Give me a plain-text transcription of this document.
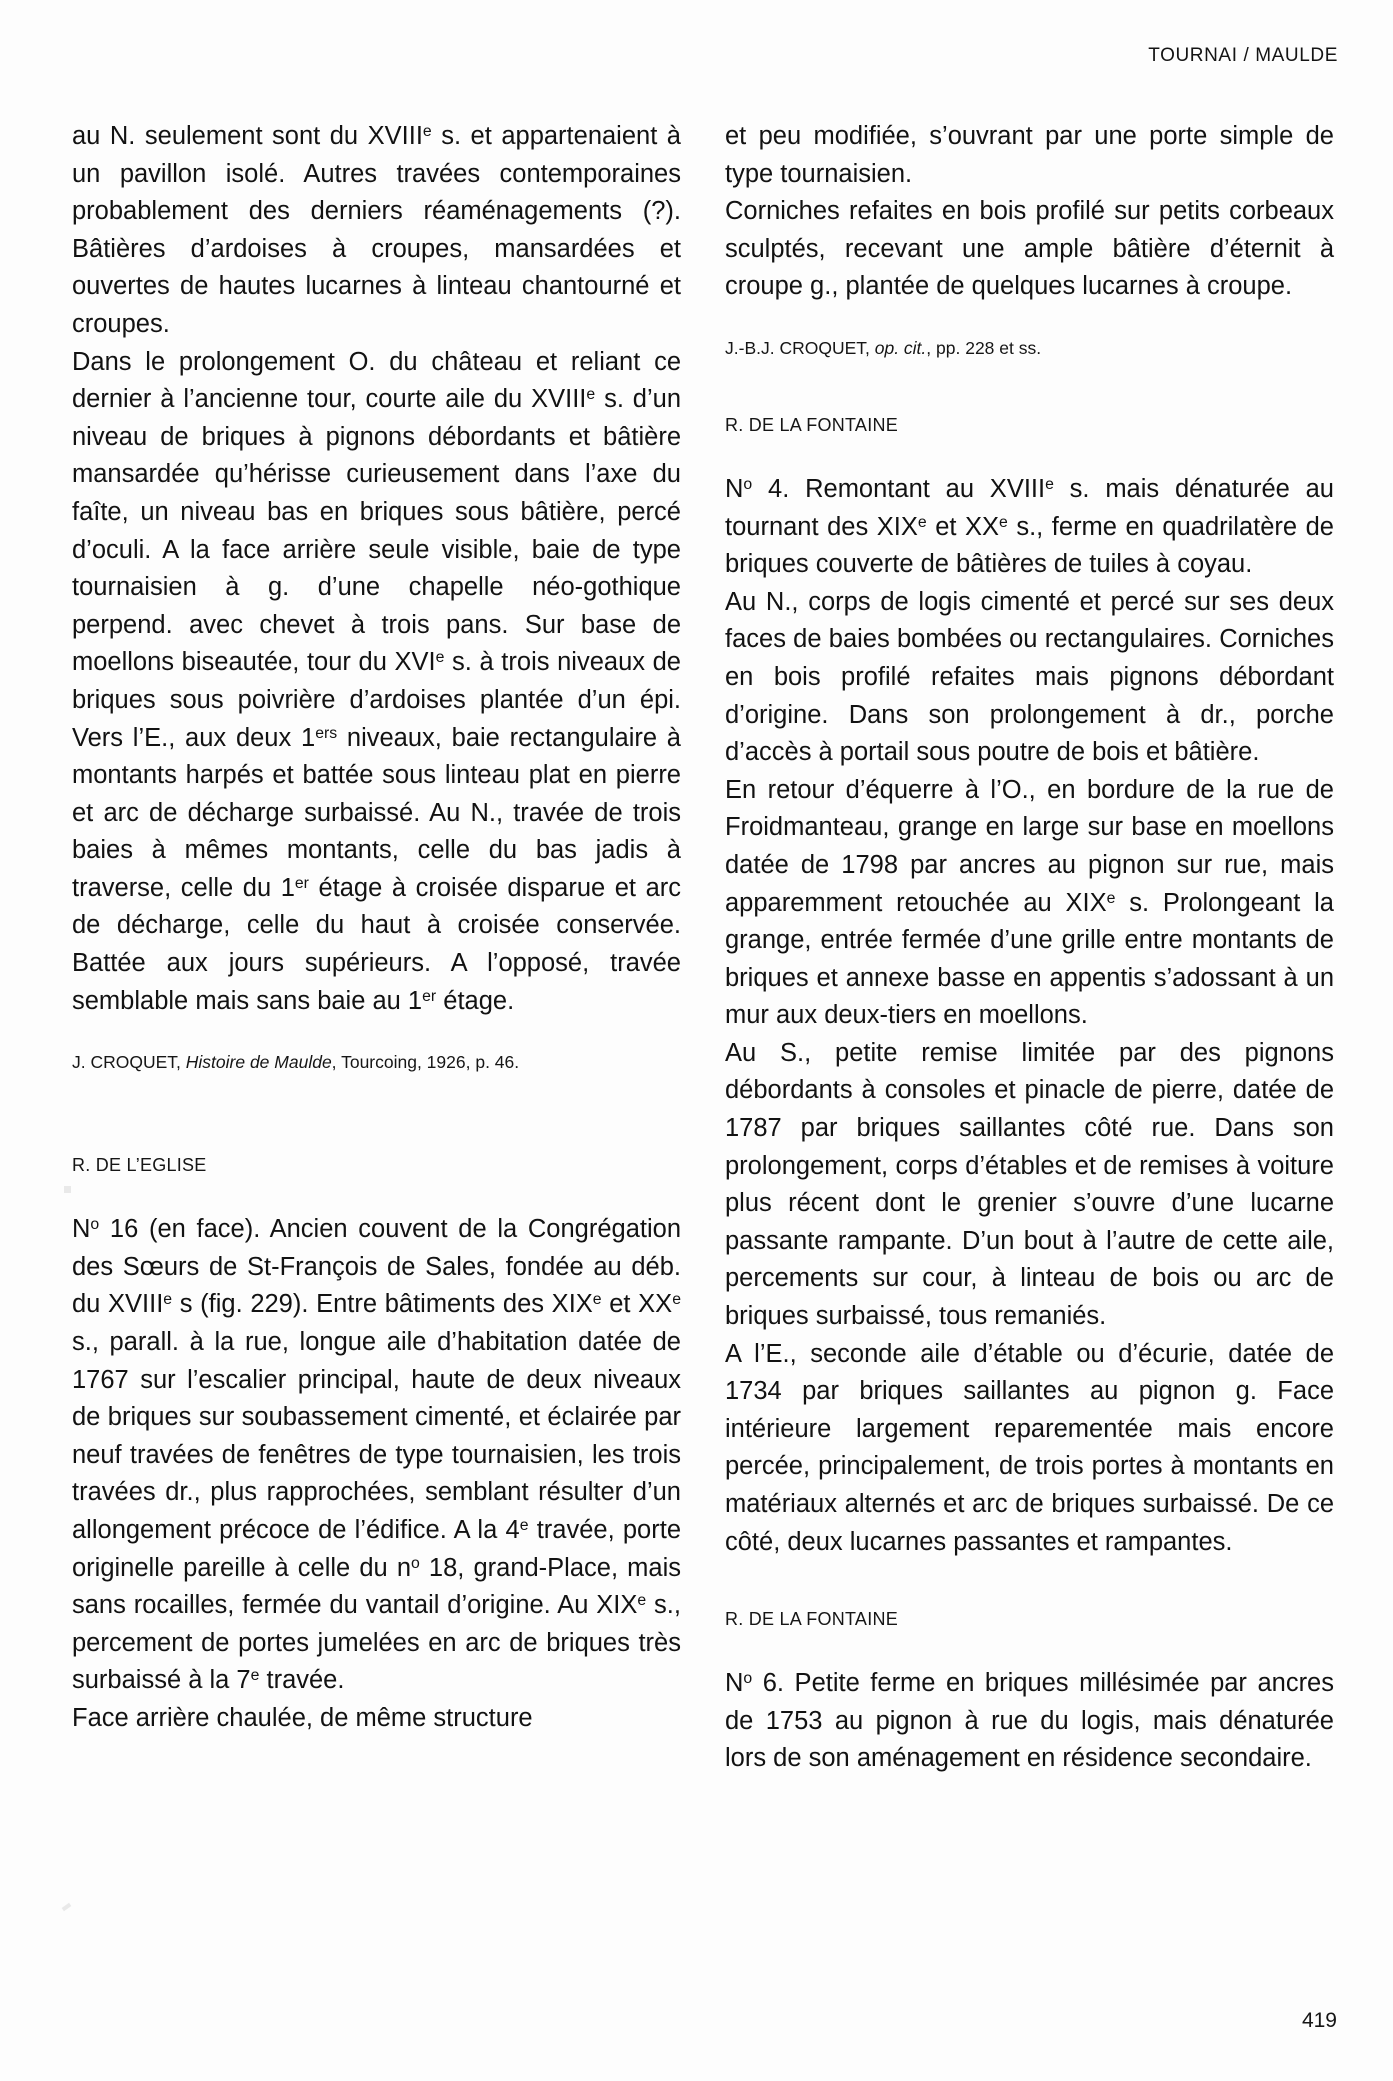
TOURNAI / MAULDE

au N. seulement sont du XVIIIe s. et appartenaient à un pavillon isolé. Autres travées contemporaines probablement des derniers réaménagements (?). Bâtières d’ardoises à croupes, mansardées et ouvertes de hautes lucarnes à linteau chantourné et croupes.

Dans le prolongement O. du château et reliant ce dernier à l’ancienne tour, courte aile du XVIIIe s. d’un niveau de briques à pignons débordants et bâtière mansardée qu’hérisse curieusement dans l’axe du faîte, un niveau bas en briques sous bâtière, percé d’oculi. A la face arrière seule visible, baie de type tournaisien à g. d’une chapelle néo-gothique perpend. avec chevet à trois pans. Sur base de moellons biseautée, tour du XVIe s. à trois niveaux de briques sous poivrière d’ardoises plantée d’un épi. Vers l’E., aux deux 1ers niveaux, baie rectangulaire à montants harpés et battée sous linteau plat en pierre et arc de décharge surbaissé. Au N., travée de trois baies à mêmes montants, celle du bas jadis à traverse, celle du 1er étage à croisée disparue et arc de décharge, celle du haut à croisée conservée. Battée aux jours supérieurs. A l’opposé, travée semblable mais sans baie au 1er étage.

J. CROQUET, Histoire de Maulde, Tourcoing, 1926, p. 46.

R. DE L’EGLISE

$N^o$ 16 (en face). Ancien couvent de la Congrégation des Sœurs de St-François de Sales, fondée au déb. du XVIIIe s (fig. 229). Entre bâtiments des XIXe et XXe s., parall. à la rue, longue aile d’habitation datée de 1767 sur l’escalier principal, haute de deux niveaux de briques sur soubassement cimenté, et éclairée par neuf travées de fenêtres de type tournaisien, les trois travées dr., plus rapprochées, semblant résulter d’un allongement précoce de l’édifice. A la 4e travée, porte originelle pareille à celle du $n^o$ 18, grand-Place, mais sans rocailles, fermée du vantail d’origine. Au XIXe s., percement de portes jumelées en arc de briques très surbaissé à la 7e travée.

Face arrière chaulée, de même structure

et peu modifiée, s’ouvrant par une porte simple de type tournaisien.

Corniches refaites en bois profilé sur petits corbeaux sculptés, recevant une ample bâtière d’éternit à croupe g., plantée de quelques lucarnes à croupe.

J.-B.J. CROQUET, op. cit., pp. 228 et ss.

R. DE LA FONTAINE

$N^o$ 4. Remontant au XVIIIe s. mais dénaturée au tournant des XIXe et XXe s., ferme en quadrilatère de briques couverte de bâtières de tuiles à coyau.

Au N., corps de logis cimenté et percé sur ses deux faces de baies bombées ou rectangulaires. Corniches en bois profilé refaites mais pignons débordant d’origine. Dans son prolongement à dr., porche d’accès à portail sous poutre de bois et bâtière.

En retour d’équerre à l’O., en bordure de la rue de Froidmanteau, grange en large sur base en moellons datée de 1798 par ancres au pignon sur rue, mais apparemment retouchée au XIXe s. Prolongeant la grange, entrée fermée d’une grille entre montants de briques et annexe basse en appentis s’adossant à un mur aux deux-tiers en moellons.

Au S., petite remise limitée par des pignons débordants à consoles et pinacle de pierre, datée de 1787 par briques saillantes côté rue. Dans son prolongement, corps d’étables et de remises à voiture plus récent dont le grenier s’ouvre d’une lucarne passante rampante. D’un bout à l’autre de cette aile, percements sur cour, à linteau de bois ou arc de briques surbaissé, tous remaniés.

A l’E., seconde aile d’étable ou d’écurie, datée de 1734 par briques saillantes au pignon g. Face intérieure largement reparementée mais encore percée, principalement, de trois portes à montants en matériaux alternés et arc de briques surbaissé. De ce côté, deux lucarnes passantes et rampantes.

R. DE LA FONTAINE

$N^o$ 6. Petite ferme en briques millésimée par ancres de 1753 au pignon à rue du logis, mais dénaturée lors de son aménagement en résidence secondaire.

419
